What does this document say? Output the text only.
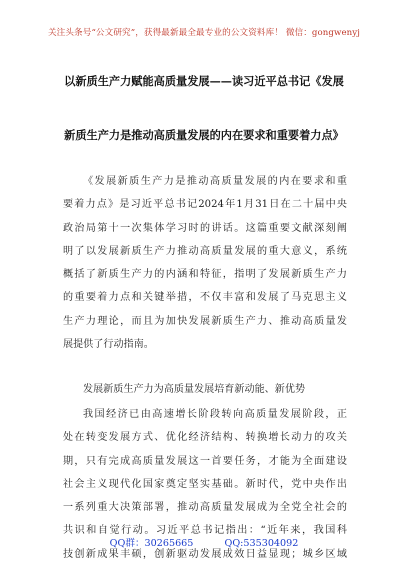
关注头条号“公文研究”，获得最新最全最专业的公文资料库！ 微信：gongwenyj
以新质生产力赋能高质量发展——读习近平总书记《发展
新质生产力是推动高质量发展的内在要求和重要着力点》
《发展新质生产力是推动高质量发展的内在要求和重
要着力点》是习近平总书记2024年1月31日在二十届中央
政治局第十一次集体学习时的讲话。这篇重要文献深刻阐
明了以发展新质生产力推动高质量发展的重大意义，系统
概括了新质生产力的内涵和特征，指明了发展新质生产力
的重要着力点和关键举措，不仅丰富和发展了马克思主义
生产力理论，而且为加快发展新质生产力、推动高质量发
展提供了行动指南。
发展新质生产力为高质量发展培育新动能、新优势
我国经济已由高速增长阶段转向高质量发展阶段，正
处在转变发展方式、优化经济结构、转换增长动力的攻关
期，只有完成高质量发展这一首要任务，才能为全面建设
社会主义现代化国家奠定坚实基础。新时代，党中央作出
一系列重大决策部署，推动高质量发展成为全党全社会的
共识和自觉行动。习近平总书记指出：“近年来，我国科
技创新成果丰硕，创新驱动发展成效日益显现；城乡区域
QQ群：30265665	QQ:535304092
